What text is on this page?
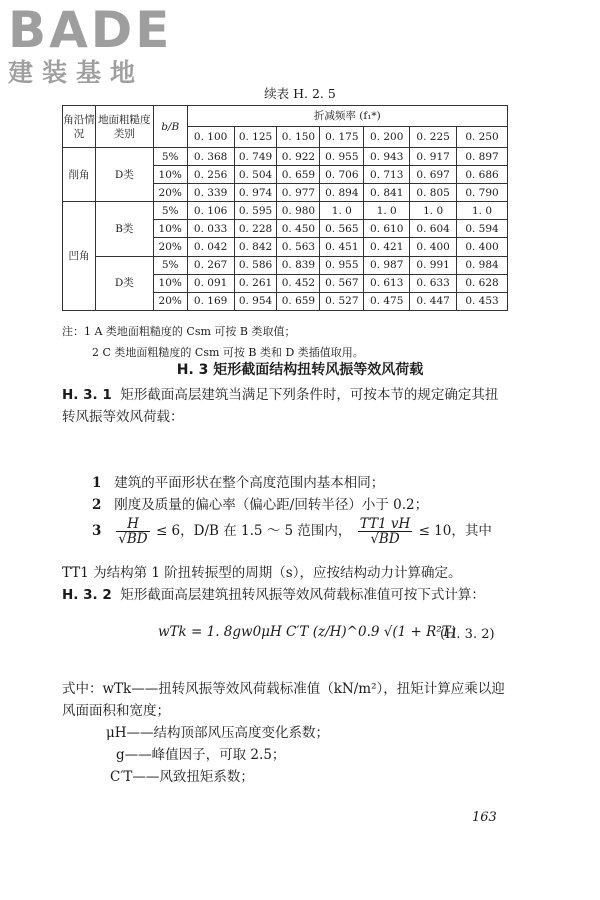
BADE
建装基地
续表 H. 2. 5
角沿情况	地面粗糙度类别	b/B	折减频率 (f₁*)						
			0. 100	0. 125	0. 150	0. 175	0. 200	0. 225	0. 250
削角	D类	5%	0. 368	0. 749	0. 922	0. 955	0. 943	0. 917	0. 897
		10%	0. 256	0. 504	0. 659	0. 706	0. 713	0. 697	0. 686
		20%	0. 339	0. 974	0. 977	0. 894	0. 841	0. 805	0. 790
凹角	B类	5%	0. 106	0. 595	0. 980	1. 0	1. 0	1. 0	1. 0
		10%	0. 033	0. 228	0. 450	0. 565	0. 610	0. 604	0. 594
		20%	0. 042	0. 842	0. 563	0. 451	0. 421	0. 400	0. 400
	D类	5%	0. 267	0. 586	0. 839	0. 955	0. 987	0. 991	0. 984
		10%	0. 091	0. 261	0. 452	0. 567	0. 613	0. 633	0. 628
		20%	0. 169	0. 954	0. 659	0. 527	0. 475	0. 447	0. 453
注：1 A 类地面粗糙度的 Csm 可按 B 类取值；
2 C 类地面粗糙度的 Csm 可按 B 类和 D 类插值取用。
H. 3 矩形截面结构扭转风振等效风荷载
H. 3. 1 矩形截面高层建筑当满足下列条件时，可按本节的规定确定其扭转风振等效风荷载：
1 建筑的平面形状在整个高度范围内基本相同；
2 刚度及质量的偏心率（偏心距/回转半径）小于 0.2；
$3 \frac{H}{√BD} \le 6$，D/B 在 1.5 ～ 5 范围内， $\frac{TT1 vH}{√BD} \le 10$，其中
TT1 为结构第 1 阶扭转振型的周期（s），应按结构动力计算确定。
H. 3. 2 矩形截面高层建筑扭转风振等效风荷载标准值可按下式计算：
wTk = 1. 8gw0μH C′T (z/H)^0.9 √(1 + R²T)
(H. 3. 2)
式中：wTk——扭转风振等效风荷载标准值（kN/m²），扭矩计算应乘以迎风面面积和宽度；
μH——结构顶部风压高度变化系数；
g——峰值因子，可取 2.5；
C′T——风致扭矩系数；
163
